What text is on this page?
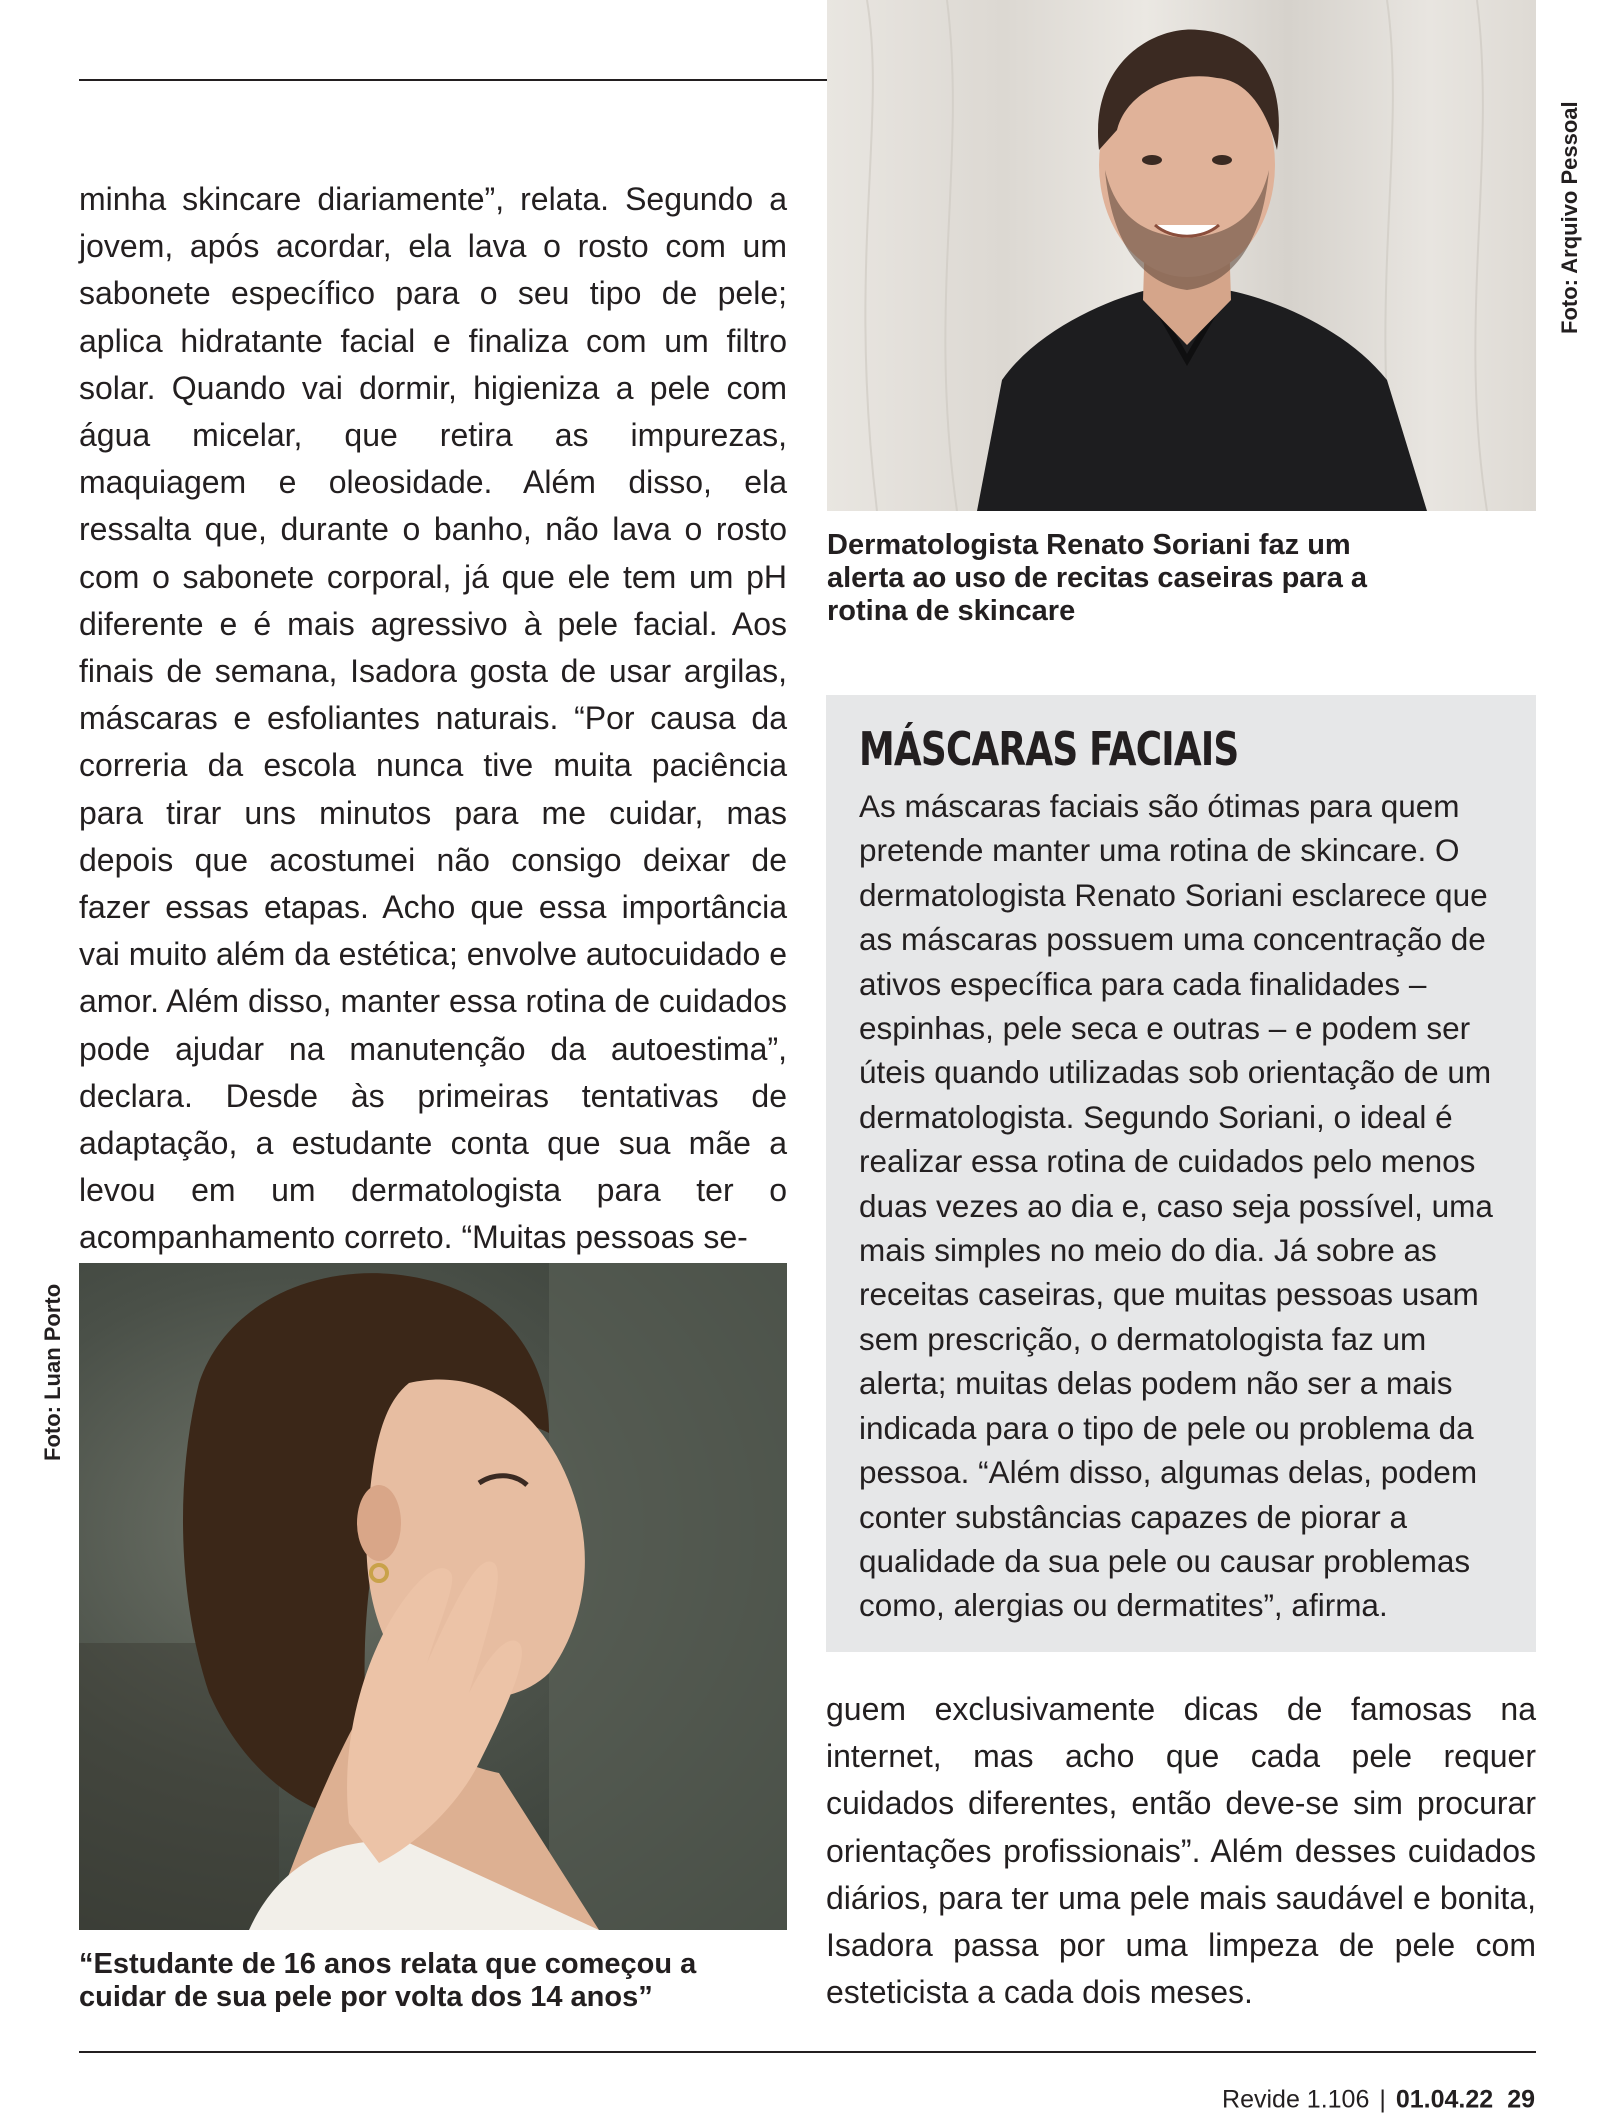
minha skincare diariamente”, relata. Segundo a jovem, após acordar, ela lava o rosto com um sabonete específico para o seu tipo de pele; aplica hidratante facial e finaliza com um filtro solar. Quando vai dormir, higieniza a pele com água micelar, que retira as impurezas, maquiagem e oleosidade. Além disso, ela ressalta que, durante o banho, não lava o rosto com o sabonete corporal, já que ele tem um pH diferente e é mais agressivo à pele facial. Aos finais de semana, Isadora gosta de usar argilas, máscaras e esfoliantes naturais. “Por causa da correria da escola nunca tive muita paciência para tirar uns minutos para me cuidar, mas depois que acostumei não consigo deixar de fazer essas etapas. Acho que essa importância vai muito além da estética; envolve autocuidado e amor. Além disso, manter essa rotina de cuidados pode ajudar na manutenção da autoestima”, declara. Desde às primeiras tentativas de adaptação, a estudante conta que sua mãe a levou em um dermatologista para ter o acompanhamento correto. “Muitas pessoas se-

Foto: Arquivo Pessoal

Dermatologista Renato Soriani faz um alerta ao uso de recitas caseiras para a rotina de skincare

MÁSCARAS FACIAIS

As máscaras faciais são ótimas para quem pretende manter uma rotina de skincare. O dermatologista Renato Soriani esclarece que as máscaras possuem uma concentração de ativos específica para cada finalidades – espinhas, pele seca e outras – e podem ser úteis quando utilizadas sob orientação de um dermatologista. Segundo Soriani, o ideal é realizar essa rotina de cuidados pelo menos duas vezes ao dia e, caso seja possível, uma mais simples no meio do dia. Já sobre as receitas caseiras, que muitas pessoas usam sem prescrição, o dermatologista faz um alerta; muitas delas podem não ser a mais indicada para o tipo de pele ou problema da pessoa. “Além disso, algumas delas, podem conter substâncias capazes de piorar a qualidade da sua pele ou causar problemas como, alergias ou dermatites”, afirma.

Foto: Luan Porto

“Estudante de 16 anos relata que começou a cuidar de sua pele por volta dos 14 anos”

guem exclusivamente dicas de famosas na internet, mas acho que cada pele requer cuidados diferentes, então deve-se sim procurar orientações profissionais”. Além desses cuidados diários, para ter uma pele mais saudável e bonita, Isadora passa por uma limpeza de pele com esteticista a cada dois meses.

Revide 1.106 | 01.04.22 29
